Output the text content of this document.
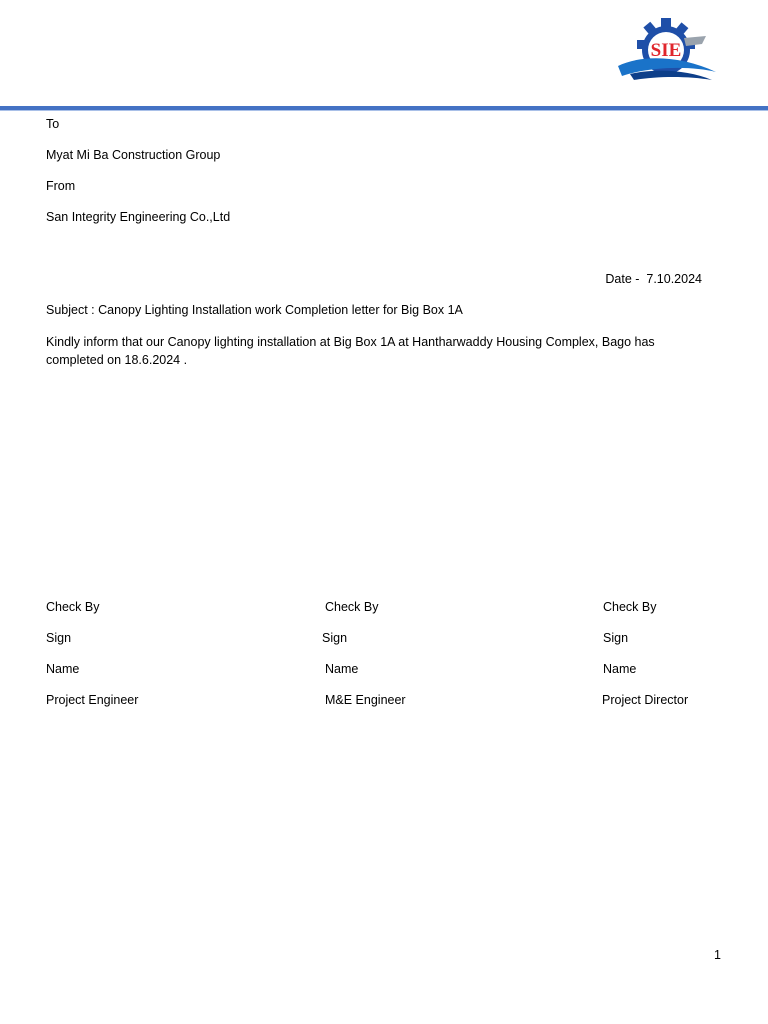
SIE
To
Myat Mi Ba Construction Group
From
San Integrity Engineering Co.,Ltd
Date -  7.10.2024
Subject : Canopy Lighting Installation work Completion letter for Big Box 1A
Kindly inform that our Canopy lighting installation at Big Box 1A at Hantharwaddy Housing Complex, Bago has completed on 18.6.2024 .
Check By
Sign
Name
Project Engineer
Check By
Sign
Name
M&E Engineer
Check By
Sign
Name
Project Director
1
